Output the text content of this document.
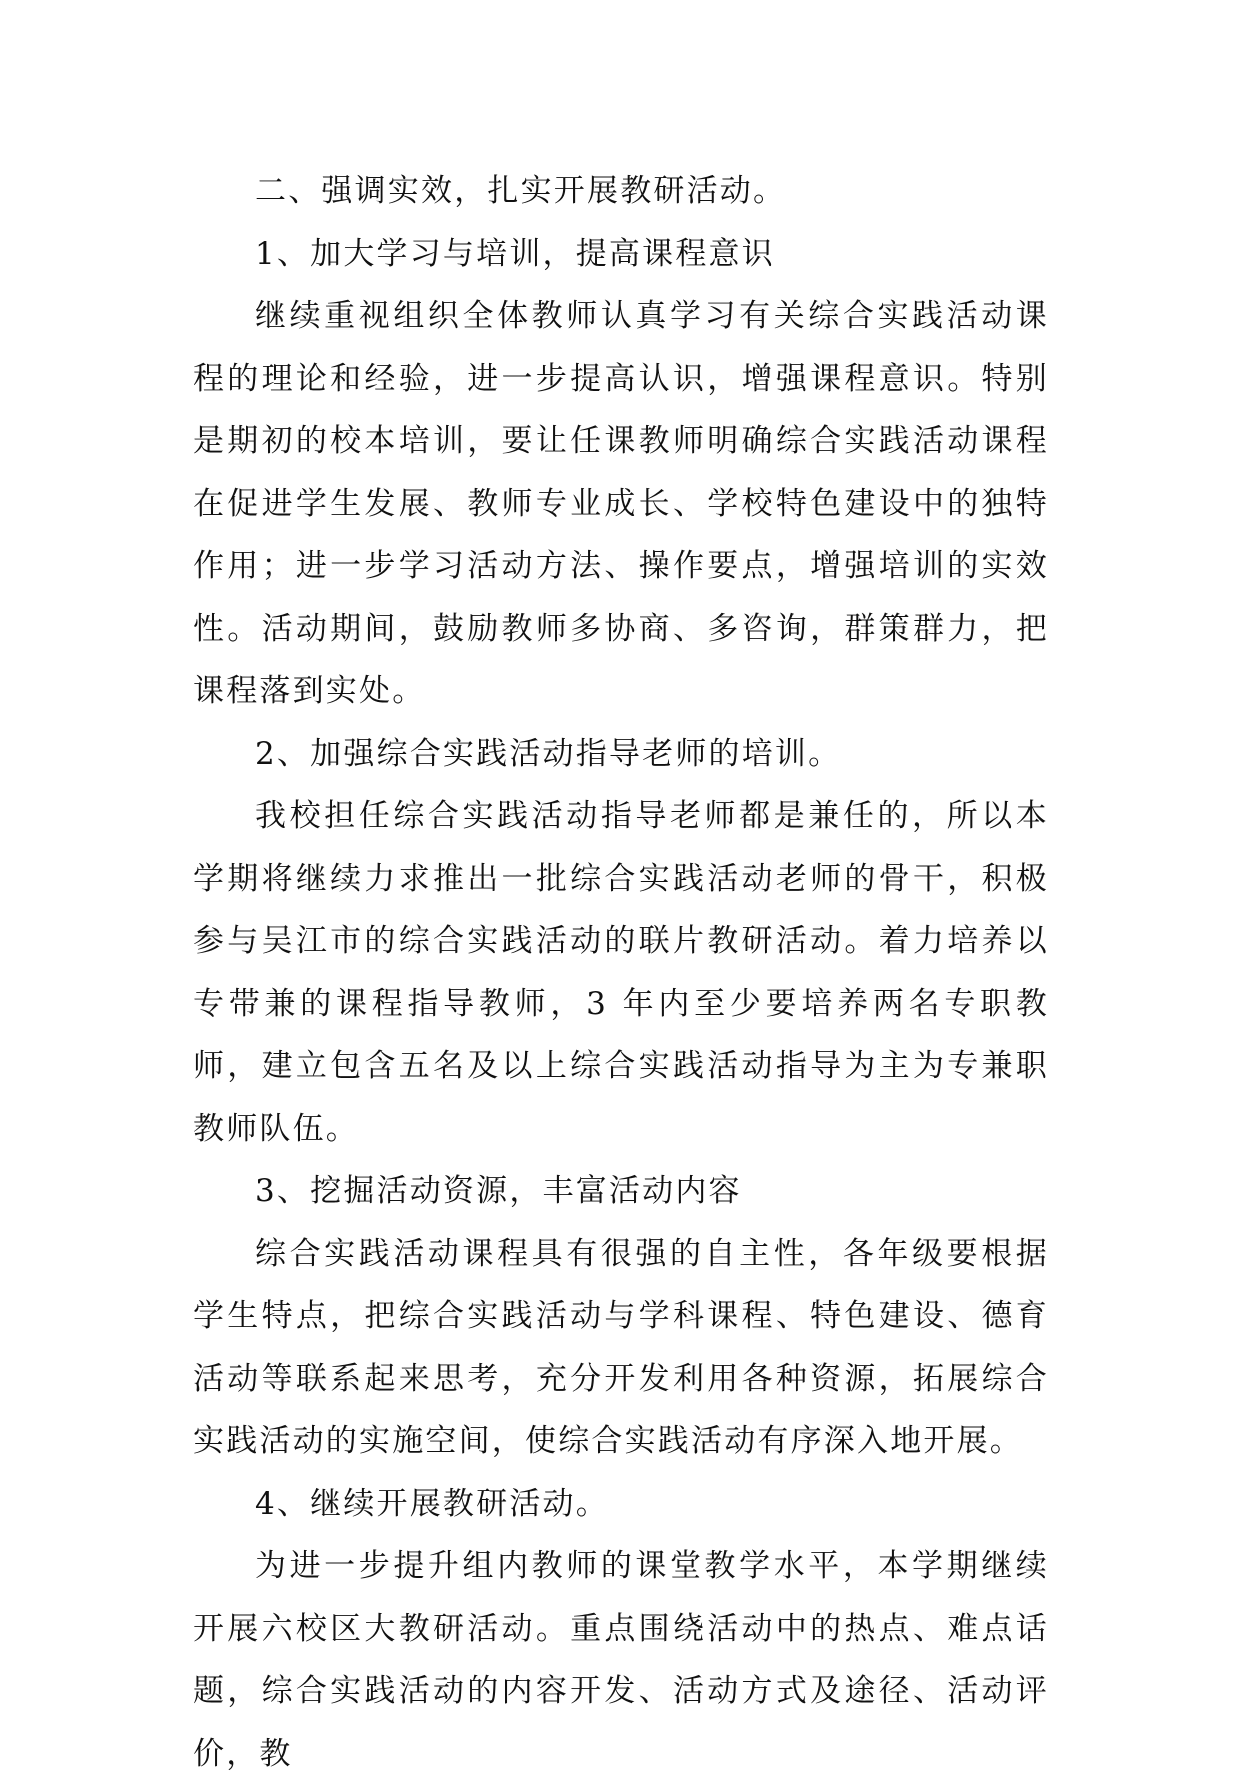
二、强调实效，扎实开展教研活动。

1、加大学习与培训，提高课程意识

继续重视组织全体教师认真学习有关综合实践活动课程的理论和经验，进一步提高认识，增强课程意识。特别是期初的校本培训，要让任课教师明确综合实践活动课程在促进学生发展、教师专业成长、学校特色建设中的独特作用；进一步学习活动方法、操作要点，增强培训的实效性。活动期间，鼓励教师多协商、多咨询，群策群力，把课程落到实处。

2、加强综合实践活动指导老师的培训。

我校担任综合实践活动指导老师都是兼任的，所以本学期将继续力求推出一批综合实践活动老师的骨干，积极参与吴江市的综合实践活动的联片教研活动。着力培养以专带兼的课程指导教师，3 年内至少要培养两名专职教师，建立包含五名及以上综合实践活动指导为主为专兼职教师队伍。

3、挖掘活动资源，丰富活动内容

综合实践活动课程具有很强的自主性，各年级要根据学生特点，把综合实践活动与学科课程、特色建设、德育活动等联系起来思考，充分开发利用各种资源，拓展综合实践活动的实施空间，使综合实践活动有序深入地开展。

4、继续开展教研活动。

为进一步提升组内教师的课堂教学水平，本学期继续开展六校区大教研活动。重点围绕活动中的热点、难点话题，综合实践活动的内容开发、活动方式及途径、活动评价，教
